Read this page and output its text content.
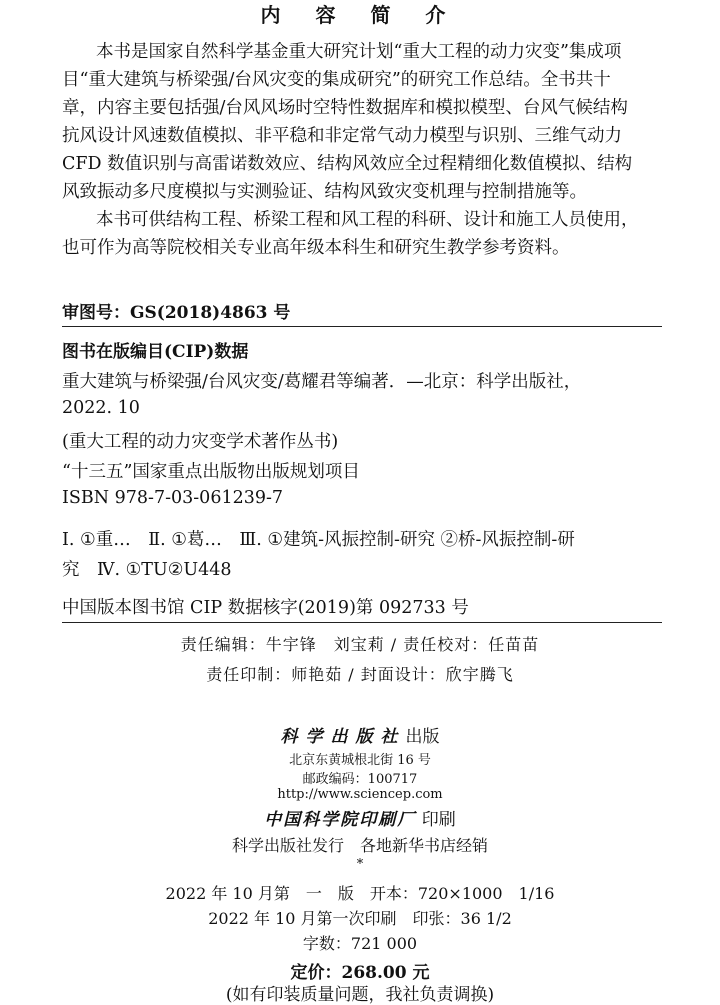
内 容 简 介
本书是国家自然科学基金重大研究计划“重大工程的动力灾变”集成项
目“重大建筑与桥梁强/台风灾变的集成研究”的研究工作总结。全书共十
章，内容主要包括强/台风风场时空特性数据库和模拟模型、台风气候结构
抗风设计风速数值模拟、非平稳和非定常气动力模型与识别、三维气动力
CFD 数值识别与高雷诺数效应、结构风效应全过程精细化数值模拟、结构
风致振动多尺度模拟与实测验证、结构风致灾变机理与控制措施等。
本书可供结构工程、桥梁工程和风工程的科研、设计和施工人员使用，
也可作为高等院校相关专业高年级本科生和研究生教学参考资料。
审图号：GS(2018)4863 号
图书在版编目(CIP)数据
重大建筑与桥梁强/台风灾变/葛耀君等编著．—北京：科学出版社，
2022. 10
(重大工程的动力灾变学术著作丛书)
“十三五”国家重点出版物出版规划项目
ISBN 978-7-03-061239-7
Ⅰ. ①重…　Ⅱ. ①葛…　Ⅲ. ①建筑-风振控制-研究 ②桥-风振控制-研
究　Ⅳ. ①TU②U448
中国版本图书馆 CIP 数据核字(2019)第 092733 号
责任编辑：牛宇锋　刘宝莉 / 责任校对：任苗苗
责任印制：师艳茹 / 封面设计：欣宇腾飞
科学出版社出版
北京东黄城根北街 16 号
邮政编码：100717
http://www.sciencep.com
中国科学院印刷厂 印刷
科学出版社发行　各地新华书店经销
*
2022 年 10 月第　一　版　开本：720×1000　1/16
2022 年 10 月第一次印刷　印张：36 1/2
字数：721 000
定价：268.00 元
(如有印装质量问题，我社负责调换)
